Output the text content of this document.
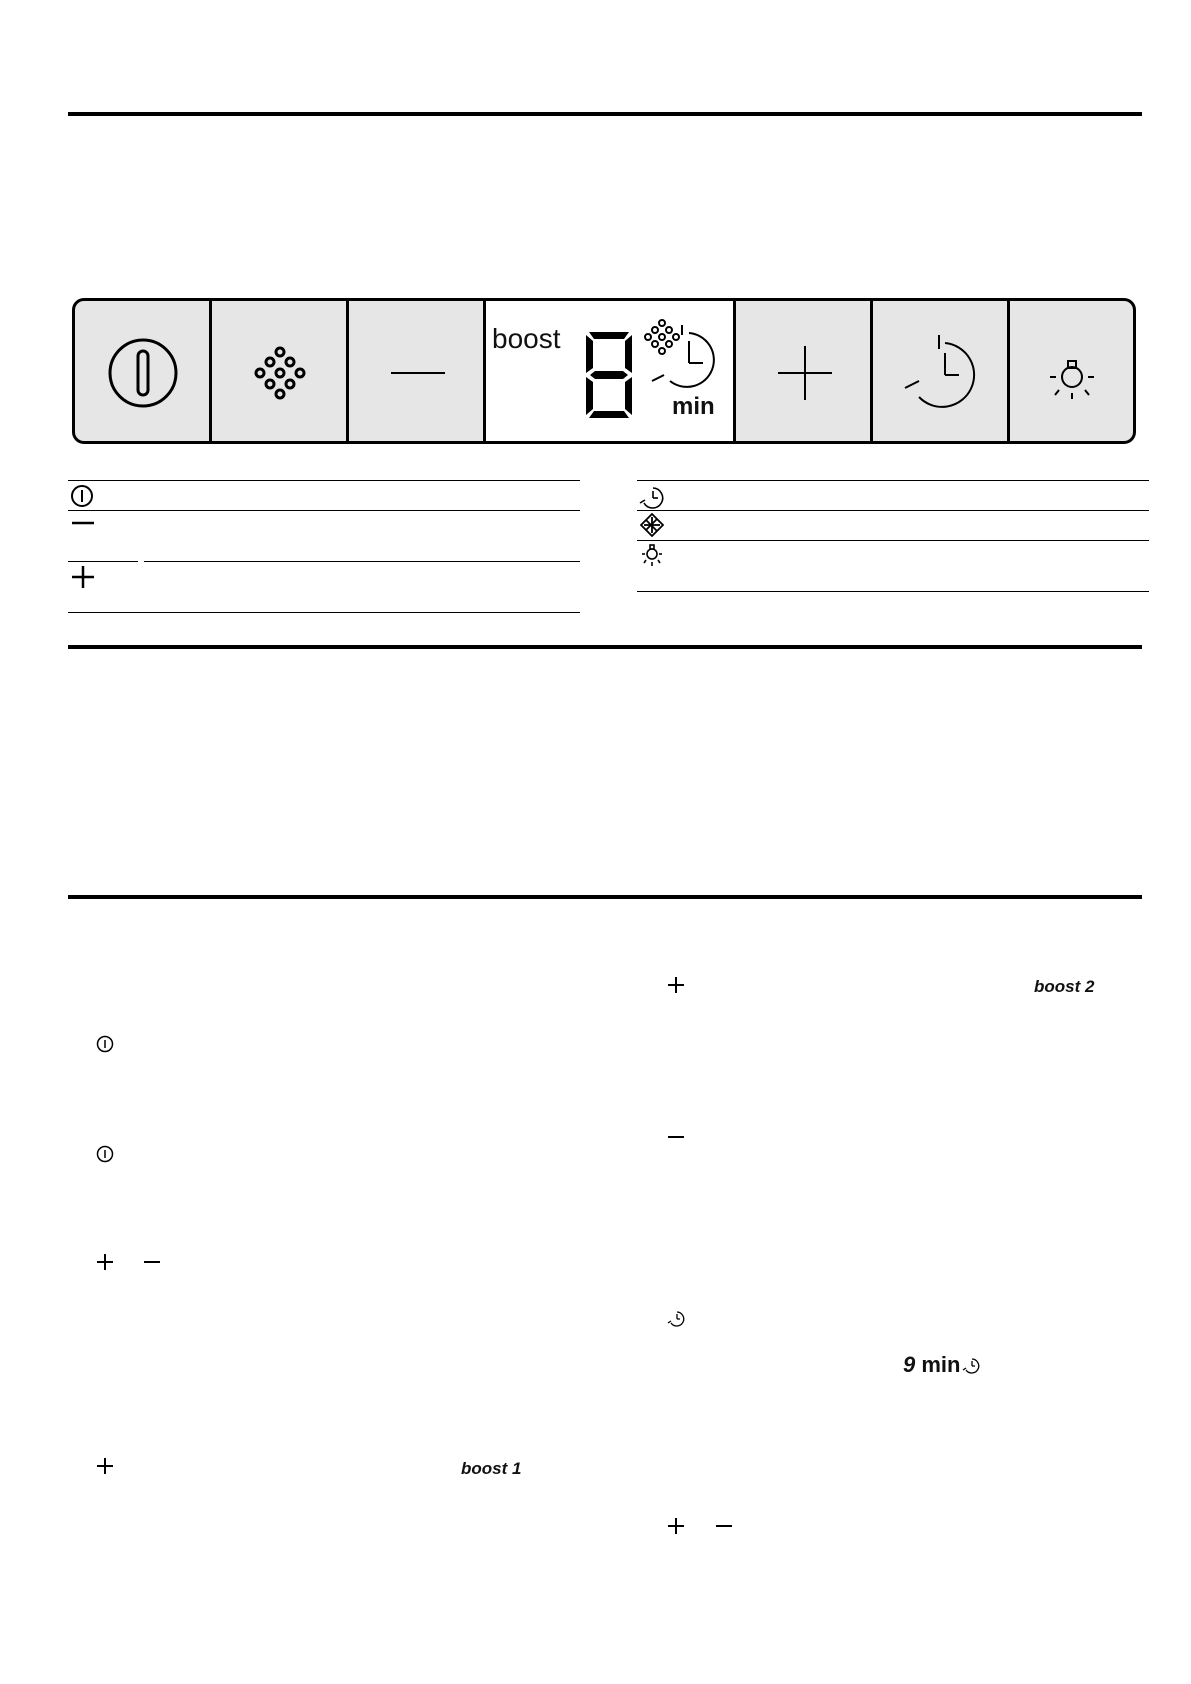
boost
min
boost 1
boost 2
9 min
